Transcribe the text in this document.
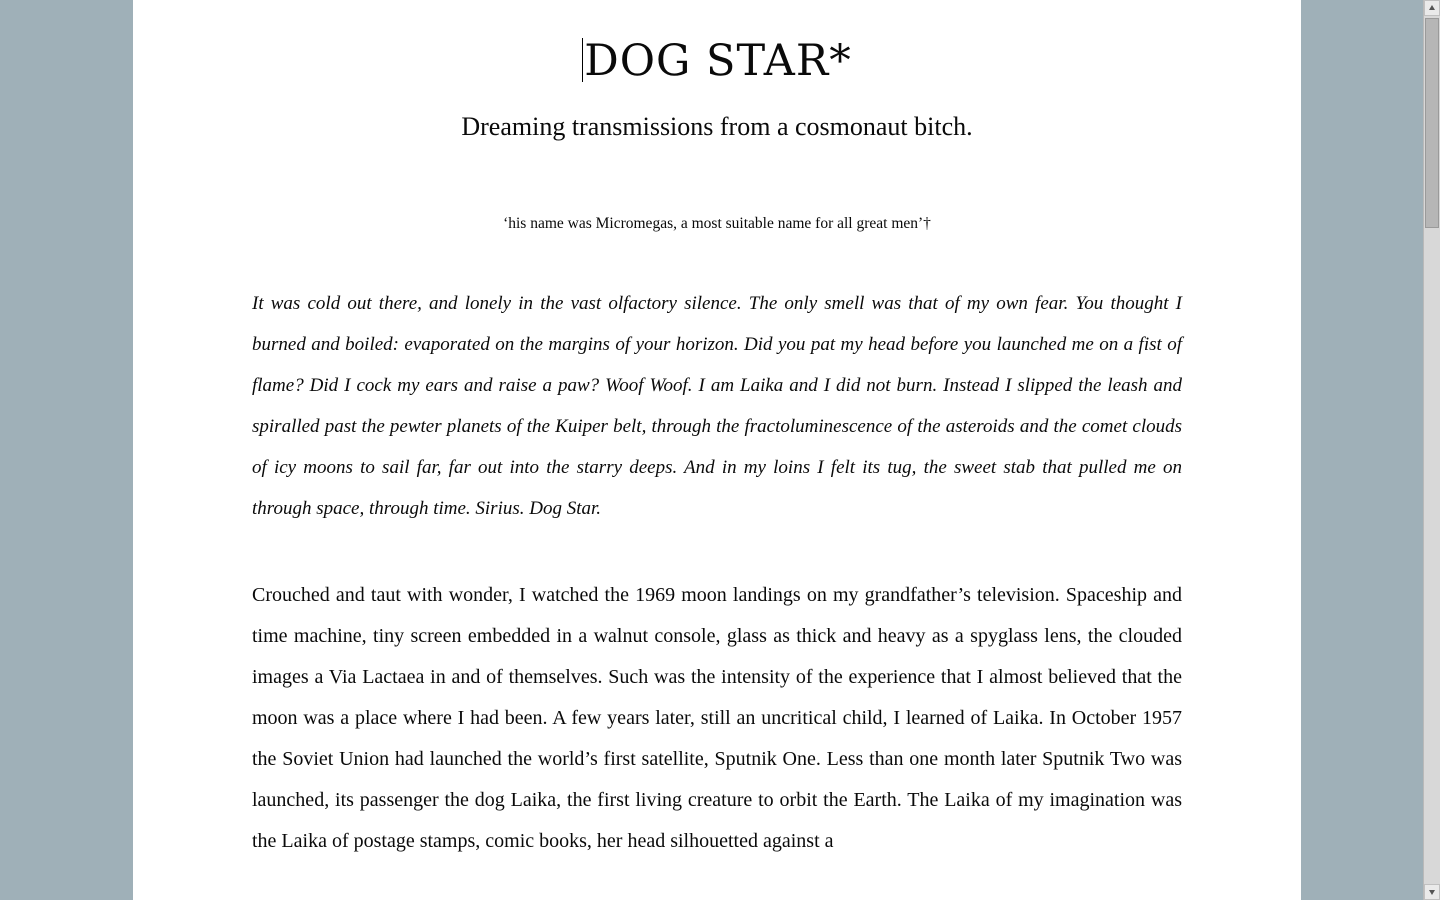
DOG STAR*

Dreaming transmissions from a cosmonaut bitch.

‘his name was Micromegas, a most suitable name for all great men’†

It was cold out there, and lonely in the vast olfactory silence. The only smell was that of my own fear. You thought I burned and boiled: evaporated on the margins of your horizon. Did you pat my head before you launched me on a fist of flame? Did I cock my ears and raise a paw? Woof Woof. I am Laika and I did not burn. Instead I slipped the leash and spiralled past the pewter planets of the Kuiper belt, through the fractoluminescence of the asteroids and the comet clouds of icy moons to sail far, far out into the starry deeps. And in my loins I felt its tug, the sweet stab that pulled me on through space, through time. Sirius. Dog Star.

Crouched and taut with wonder, I watched the 1969 moon landings on my grandfather’s television. Spaceship and time machine, tiny screen embedded in a walnut console, glass as thick and heavy as a spyglass lens, the clouded images a Via Lactaea in and of themselves. Such was the intensity of the experience that I almost believed that the moon was a place where I had been. A few years later, still an uncritical child, I learned of Laika. In October 1957 the Soviet Union had launched the world’s first satellite, Sputnik One. Less than one month later Sputnik Two was launched, its passenger the dog Laika, the first living creature to orbit the Earth. The Laika of my imagination was the Laika of postage stamps, comic books, her head silhouetted against a
